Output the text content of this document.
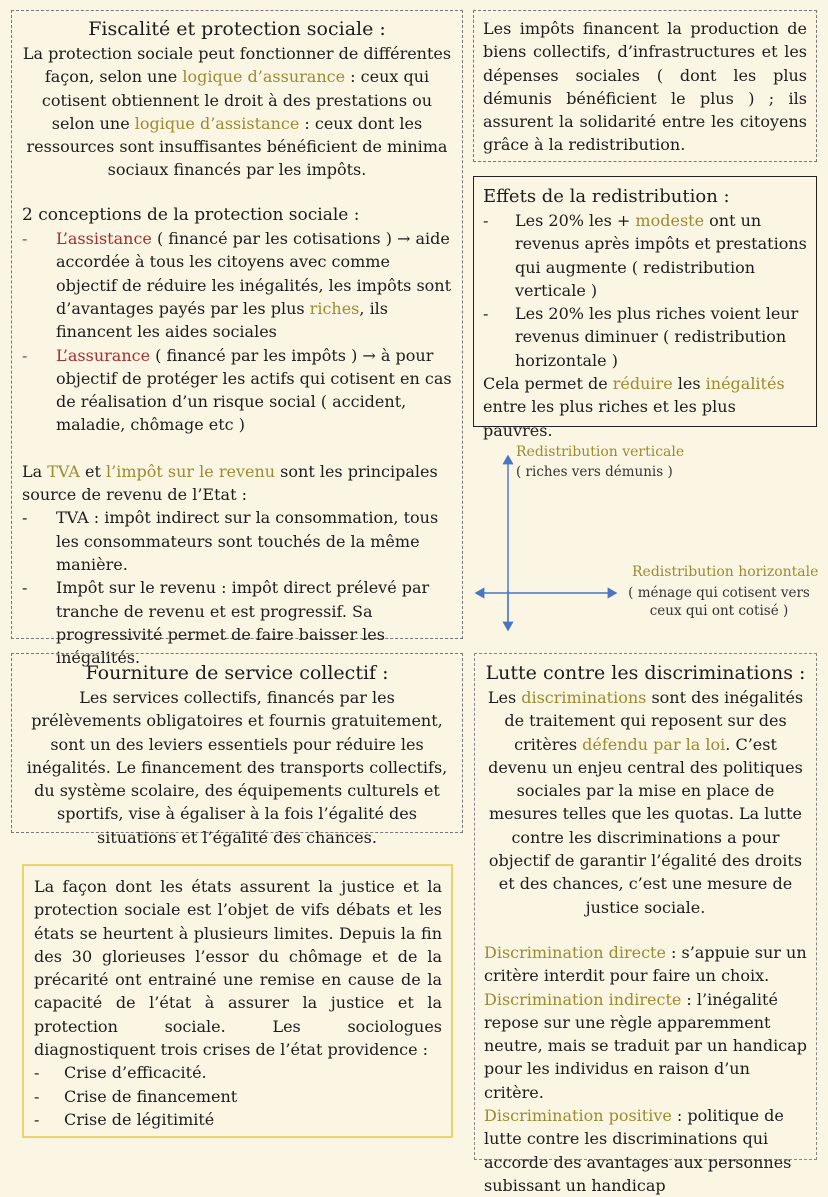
Fiscalité et protection sociale :
La protection sociale peut fonctionner de différentes façon, selon une logique d’assurance : ceux qui cotisent obtiennent le droit à des prestations ou selon une logique d’assistance : ceux dont les ressources sont insuffisantes bénéficient de minima sociaux financés par les impôts.
2 conceptions de la protection sociale :
- L’assistance ( financé par les cotisations ) → aide accordée à tous les citoyens avec comme objectif de réduire les inégalités, les impôts sont d’avantages payés par les plus riches, ils financent les aides sociales
- L’assurance ( financé par les impôts ) → à pour objectif de protéger les actifs qui cotisent en cas de réalisation d’un risque social ( accident, maladie, chômage etc )
La TVA et l’impôt sur le revenu sont les principales source de revenu de l’Etat :
- TVA : impôt indirect sur la consommation, tous les consommateurs sont touchés de la même manière.
- Impôt sur le revenu : impôt direct prélevé par tranche de revenu et est progressif. Sa progressivité permet de faire baisser les inégalités.
Les impôts financent la production de biens collectifs, d’infrastructures et les dépenses sociales ( dont les plus démunis bénéficient le plus ) ; ils assurent la solidarité entre les citoyens grâce à la redistribution.
Effets de la redistribution :
- Les 20% les + modeste ont un revenus après impôts et prestations qui augmente ( redistribution verticale )
- Les 20% les plus riches voient leur revenus diminuer ( redistribution horizontale )
Cela permet de réduire les inégalités entre les plus riches et les plus pauvres.
Redistribution verticale
( riches vers démunis )
Redistribution horizontale
( ménage qui cotisent vers ceux qui ont cotisé )
Fourniture de service collectif :
Les services collectifs, financés par les prélèvements obligatoires et fournis gratuitement, sont un des leviers essentiels pour réduire les inégalités. Le financement des transports collectifs, du système scolaire, des équipements culturels et sportifs, vise à égaliser à la fois l’égalité des situations et l’égalité des chances.
La façon dont les états assurent la justice et la protection sociale est l’objet de vifs débats et les états se heurtent à plusieurs limites. Depuis la fin des 30 glorieuses l’essor du chômage et de la précarité ont entrainé une remise en cause de la capacité de l’état à assurer la justice et la protection sociale. Les sociologues diagnostiquent trois crises de l’état providence :
- Crise d’efficacité.
- Crise de financement
- Crise de légitimité
Lutte contre les discriminations :
Les discriminations sont des inégalités de traitement qui reposent sur des critères défendu par la loi. C’est devenu un enjeu central des politiques sociales par la mise en place de mesures telles que les quotas. La lutte contre les discriminations a pour objectif de garantir l’égalité des droits et des chances, c’est une mesure de justice sociale.
Discrimination directe : s’appuie sur un critère interdit pour faire un choix.
Discrimination indirecte : l’inégalité repose sur une règle apparemment neutre, mais se traduit par un handicap pour les individus en raison d’un critère.
Discrimination positive : politique de lutte contre les discriminations qui accorde des avantages aux personnes subissant un handicap
